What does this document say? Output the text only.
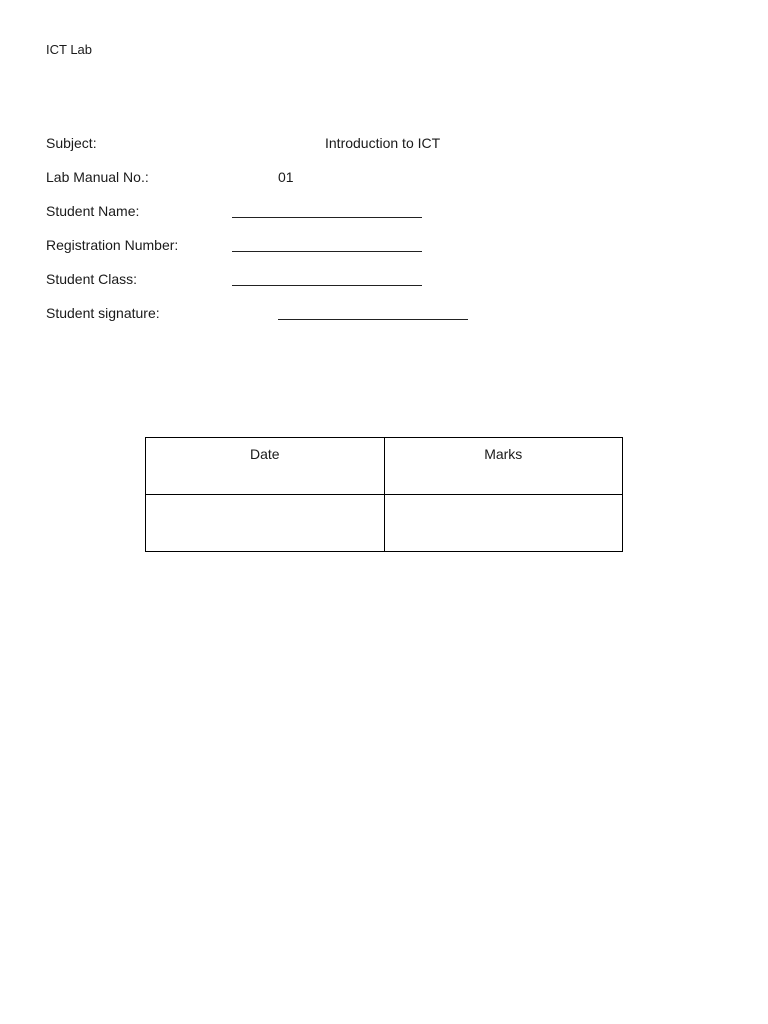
ICT Lab
Subject:	Introduction to ICT
Lab Manual No.:	01
Student Name:
Registration Number:
Student Class:
Student signature:
Date	Marks
